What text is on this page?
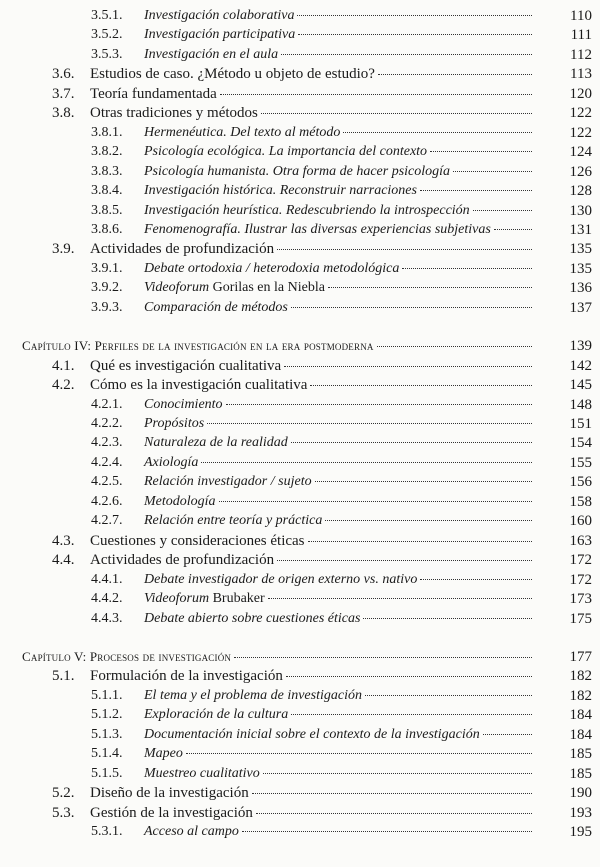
3.5.1. Investigación colaborativa	110
3.5.2. Investigación participativa	111
3.5.3. Investigación en el aula	112
3.6. Estudios de caso. ¿Método u objeto de estudio?	113
3.7. Teoría fundamentada	120
3.8. Otras tradiciones y métodos	122
3.8.1. Hermenéutica. Del texto al método	122
3.8.2. Psicología ecológica. La importancia del contexto	124
3.8.3. Psicología humanista. Otra forma de hacer psicología	126
3.8.4. Investigación histórica. Reconstruir narraciones	128
3.8.5. Investigación heurística. Redescubriendo la introspección	130
3.8.6. Fenomenografía. Ilustrar las diversas experiencias subjetivas	131
3.9. Actividades de profundización	135
3.9.1. Debate ortodoxia / heterodoxia metodológica	135
3.9.2. Videoforum Gorilas en la Niebla	136
3.9.3. Comparación de métodos	137
Capítulo IV: Perfiles de la investigación en la era postmoderna	139
4.1. Qué es investigación cualitativa	142
4.2. Cómo es la investigación cualitativa	145
4.2.1. Conocimiento	148
4.2.2. Propósitos	151
4.2.3. Naturaleza de la realidad	154
4.2.4. Axiología	155
4.2.5. Relación investigador / sujeto	156
4.2.6. Metodología	158
4.2.7. Relación entre teoría y práctica	160
4.3. Cuestiones y consideraciones éticas	163
4.4. Actividades de profundización	172
4.4.1. Debate investigador de origen externo vs. nativo	172
4.4.2. Videoforum Brubaker	173
4.4.3. Debate abierto sobre cuestiones éticas	175
Capítulo V: Procesos de investigación	177
5.1. Formulación de la investigación	182
5.1.1. El tema y el problema de investigación	182
5.1.2. Exploración de la cultura	184
5.1.3. Documentación inicial sobre el contexto de la investigación	184
5.1.4. Mapeo	185
5.1.5. Muestreo cualitativo	185
5.2. Diseño de la investigación	190
5.3. Gestión de la investigación	193
5.3.1. Acceso al campo	195
